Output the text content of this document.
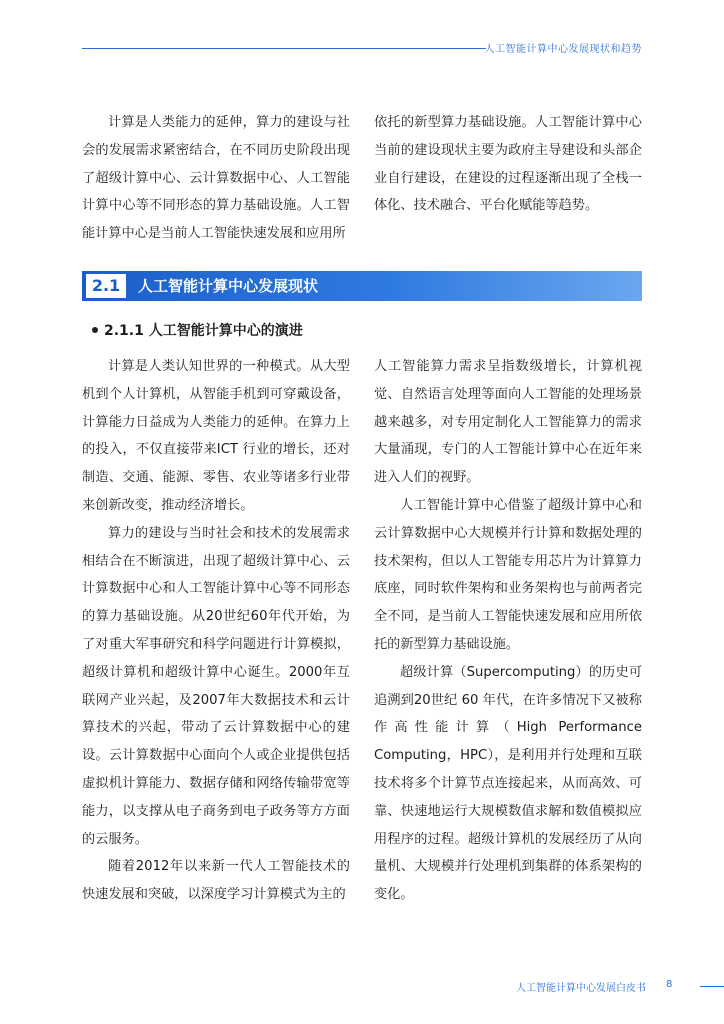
人工智能计算中心发展现状和趋势

计算是人类能力的延伸，算力的建设与社会的发展需求紧密结合，在不同历史阶段出现了超级计算中心、云计算数据中心、人工智能计算中心等不同形态的算力基础设施。人工智能计算中心是当前人工智能快速发展和应用所

依托的新型算力基础设施。人工智能计算中心当前的建设现状主要为政府主导建设和头部企业自行建设，在建设的过程逐渐出现了全栈一体化、技术融合、平台化赋能等趋势。

2.1	人工智能计算中心发展现状
2.1.1 人工智能计算中心的演进

计算是人类认知世界的一种模式。从大型机到个人计算机，从智能手机到可穿戴设备，计算能力日益成为人类能力的延伸。在算力上的投入，不仅直接带来ICT 行业的增长，还对制造、交通、能源、零售、农业等诸多行业带来创新改变，推动经济增长。

算力的建设与当时社会和技术的发展需求相结合在不断演进，出现了超级计算中心、云计算数据中心和人工智能计算中心等不同形态的算力基础设施。从20世纪60年代开始，为了对重大军事研究和科学问题进行计算模拟，超级计算机和超级计算中心诞生。2000年互联网产业兴起，及2007年大数据技术和云计算技术的兴起，带动了云计算数据中心的建设。云计算数据中心面向个人或企业提供包括虚拟机计算能力、数据存储和网络传输带宽等能力，以支撑从电子商务到电子政务等方方面的云服务。

随着2012年以来新一代人工智能技术的快速发展和突破，以深度学习计算模式为主的

人工智能算力需求呈指数级增长，计算机视觉、自然语言处理等面向人工智能的处理场景越来越多，对专用定制化人工智能算力的需求大量涌现，专门的人工智能计算中心在近年来进入人们的视野。

人工智能计算中心借鉴了超级计算中心和云计算数据中心大规模并行计算和数据处理的技术架构，但以人工智能专用芯片为计算算力底座，同时软件架构和业务架构也与前两者完全不同，是当前人工智能快速发展和应用所依托的新型算力基础设施。

超级计算（Supercomputing）的历史可追溯到20世纪 60 年代，在许多情况下又被称作高性能计算（High Performance Computing，HPC），是利用并行处理和互联技术将多个计算节点连接起来，从而高效、可靠、快速地运行大规模数值求解和数值模拟应用程序的过程。超级计算机的发展经历了从向量机、大规模并行处理机到集群的体系架构的变化。

人工智能计算中心发展白皮书 8
